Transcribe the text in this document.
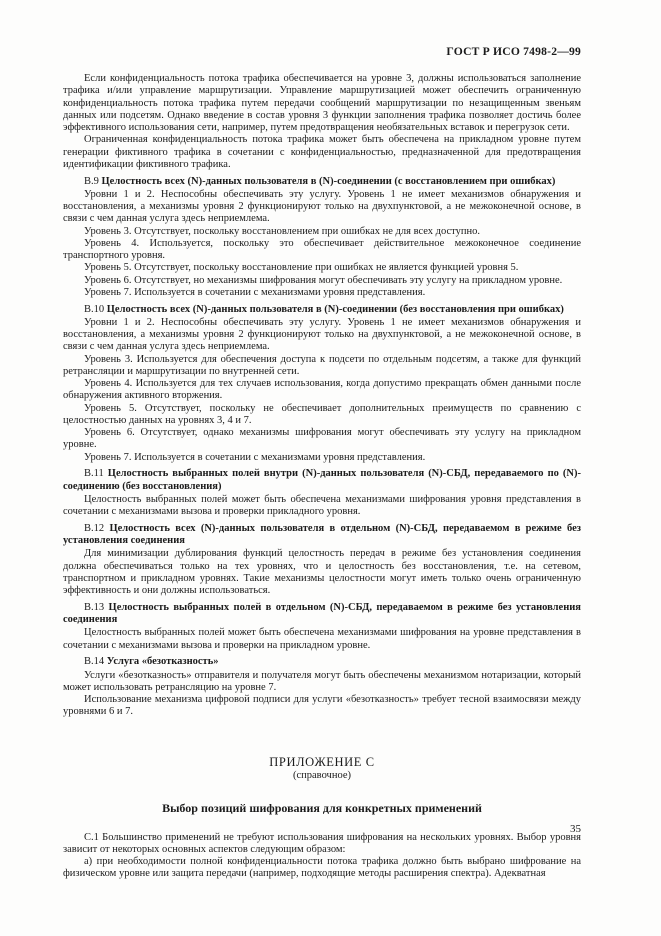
ГОСТ Р ИСО 7498-2—99

Если конфиденциальность потока трафика обеспечивается на уровне 3, должны использоваться заполнение трафика и/или управление маршрутизации. Управление маршрутизацией может обеспечить ограниченную конфиденциальность потока трафика путем передачи сообщений маршрутизации по незащищенным звеньям данных или подсетям. Однако введение в состав уровня 3 функции заполнения трафика позволяет достичь более эффективного использования сети, например, путем предотвращения необязательных вставок и перегрузок сети.

Ограниченная конфиденциальность потока трафика может быть обеспечена на прикладном уровне путем генерации фиктивного трафика в сочетании с конфиденциальностью, предназначенной для предотвращения идентификации фиктивного трафика.

В.9 Целостность всех (N)-данных пользователя в (N)-соединении (с восстановлением при ошибках)

Уровни 1 и 2. Неспособны обеспечивать эту услугу. Уровень 1 не имеет механизмов обнаружения и восстановления, а механизмы уровня 2 функционируют только на двухпунктовой, а не межоконечной основе, в связи с чем данная услуга здесь неприемлема.

Уровень 3. Отсутствует, поскольку восстановлением при ошибках не для всех доступно.

Уровень 4. Используется, поскольку это обеспечивает действительное межоконечное соединение транспортного уровня.

Уровень 5. Отсутствует, поскольку восстановление при ошибках не является функцией уровня 5.

Уровень 6. Отсутствует, но механизмы шифрования могут обеспечивать эту услугу на прикладном уровне.

Уровень 7. Используется в сочетании с механизмами уровня представления.

В.10 Целостность всех (N)-данных пользователя в (N)-соединении (без восстановления при ошибках)

Уровни 1 и 2. Неспособны обеспечивать эту услугу. Уровень 1 не имеет механизмов обнаружения и восстановления, а механизмы уровня 2 функционируют только на двухпунктовой, а не межоконечной основе, в связи с чем данная услуга здесь неприемлема.

Уровень 3. Используется для обеспечения доступа к подсети по отдельным подсетям, а также для функций ретрансляции и маршрутизации по внутренней сети.

Уровень 4. Используется для тех случаев использования, когда допустимо прекращать обмен данными после обнаружения активного вторжения.

Уровень 5. Отсутствует, поскольку не обеспечивает дополнительных преимуществ по сравнению с целостностью данных на уровнях 3, 4 и 7.

Уровень 6. Отсутствует, однако механизмы шифрования могут обеспечивать эту услугу на прикладном уровне.

Уровень 7. Используется в сочетании с механизмами уровня представления.

В.11 Целостность выбранных полей внутри (N)-данных пользователя (N)-СБД, передаваемого по (N)-соединению (без восстановления)

Целостность выбранных полей может быть обеспечена механизмами шифрования уровня представления в сочетании с механизмами вызова и проверки прикладного уровня.

В.12 Целостность всех (N)-данных пользователя в отдельном (N)-СБД, передаваемом в режиме без установления соединения

Для минимизации дублирования функций целостность передач в режиме без установления соединения должна обеспечиваться только на тех уровнях, что и целостность без восстановления, т.е. на сетевом, транспортном и прикладном уровнях. Такие механизмы целостности могут иметь только очень ограниченную эффективность и они должны использоваться.

В.13 Целостность выбранных полей в отдельном (N)-СБД, передаваемом в режиме без установления соединения

Целостность выбранных полей может быть обеспечена механизмами шифрования на уровне представления в сочетании с механизмами вызова и проверки на прикладном уровне.

В.14 Услуга «безотказность»

Услуги «безотказность» отправителя и получателя могут быть обеспечены механизмом нотаризации, который может использовать ретрансляцию на уровне 7.

Использование механизма цифровой подписи для услуги «безотказность» требует тесной взаимосвязи между уровнями 6 и 7.

ПРИЛОЖЕНИЕ С

(справочное)

Выбор позиций шифрования для конкретных применений

С.1 Большинство применений не требуют использования шифрования на нескольких уровнях. Выбор уровня зависит от некоторых основных аспектов следующим образом:

а) при необходимости полной конфиденциальности потока трафика должно быть выбрано шифрование на физическом уровне или защита передачи (например, подходящие методы расширения спектра). Адекватная

35
